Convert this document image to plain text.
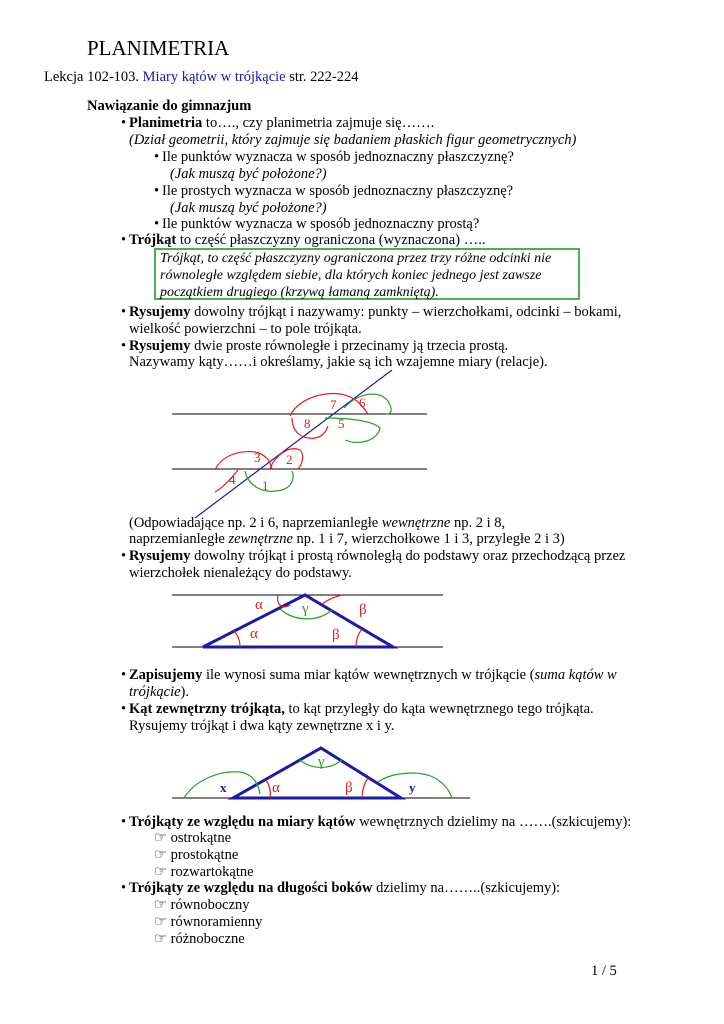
PLANIMETRIA
Lekcja 102-103. Miary kątów w trójkącie str. 222-224
Nawiązanie do gimnazjum
• Planimetria to…., czy planimetria zajmuje się…….
(Dział geometrii, który zajmuje się badaniem płaskich figur geometrycznych)
• Ile punktów wyznacza w sposób jednoznaczny płaszczyznę?
(Jak muszą być położone?)
• Ile prostych wyznacza w sposób jednoznaczny płaszczyznę?
(Jak muszą być położone?)
• Ile punktów wyznacza w sposób jednoznaczny prostą?
• Trójkąt to część płaszczyzny ograniczona (wyznaczona) …..
Trójkąt, to część płaszczyzny ograniczona przez trzy różne odcinki nie
równoległe względem siebie, dla których koniec jednego jest zawsze
początkiem drugiego (krzywą łamaną zamkniętą).
• Rysujemy dowolny trójkąt i nazywamy: punkty – wierzchołkami, odcinki – bokami,
wielkość powierzchni – to pole trójkąta.
• Rysujemy dwie proste równoległe i przecinamy ją trzecia prostą.
Nazywamy kąty……i określamy, jakie są ich wzajemne miary (relacje).
7 6
8 5
3 2
4 1
(Odpowiadające np. 2 i 6, naprzemianległe wewnętrzne np. 2 i 8,
naprzemianległe zewnętrzne np. 1 i 7, wierzchołkowe 1 i 3, przyległe 2 i 3)
• Rysujemy dowolny trójkąt i prostą równoległą do podstawy oraz przechodzącą przez
wierzchołek nienależący do podstawy.
α	γ	β
α	β
• Zapisujemy ile wynosi suma miar kątów wewnętrznych w trójkącie (suma kątów w
trójkącie).
• Kąt zewnętrzny trójkąta, to kąt przyległy do kąta wewnętrznego tego trójkąta.
Rysujemy trójkąt i dwa kąty zewnętrzne x i y.
x	y
α
γ
β
• Trójkąty ze względu na miary kątów wewnętrznych dzielimy na …….(szkicujemy):
☞ ostrokątne
☞ prostokątne
☞ rozwartokątne
• Trójkąty ze względu na długości boków dzielimy na……..(szkicujemy):
☞ równoboczny
☞ równoramienny
☞ różnoboczne
1 / 5
